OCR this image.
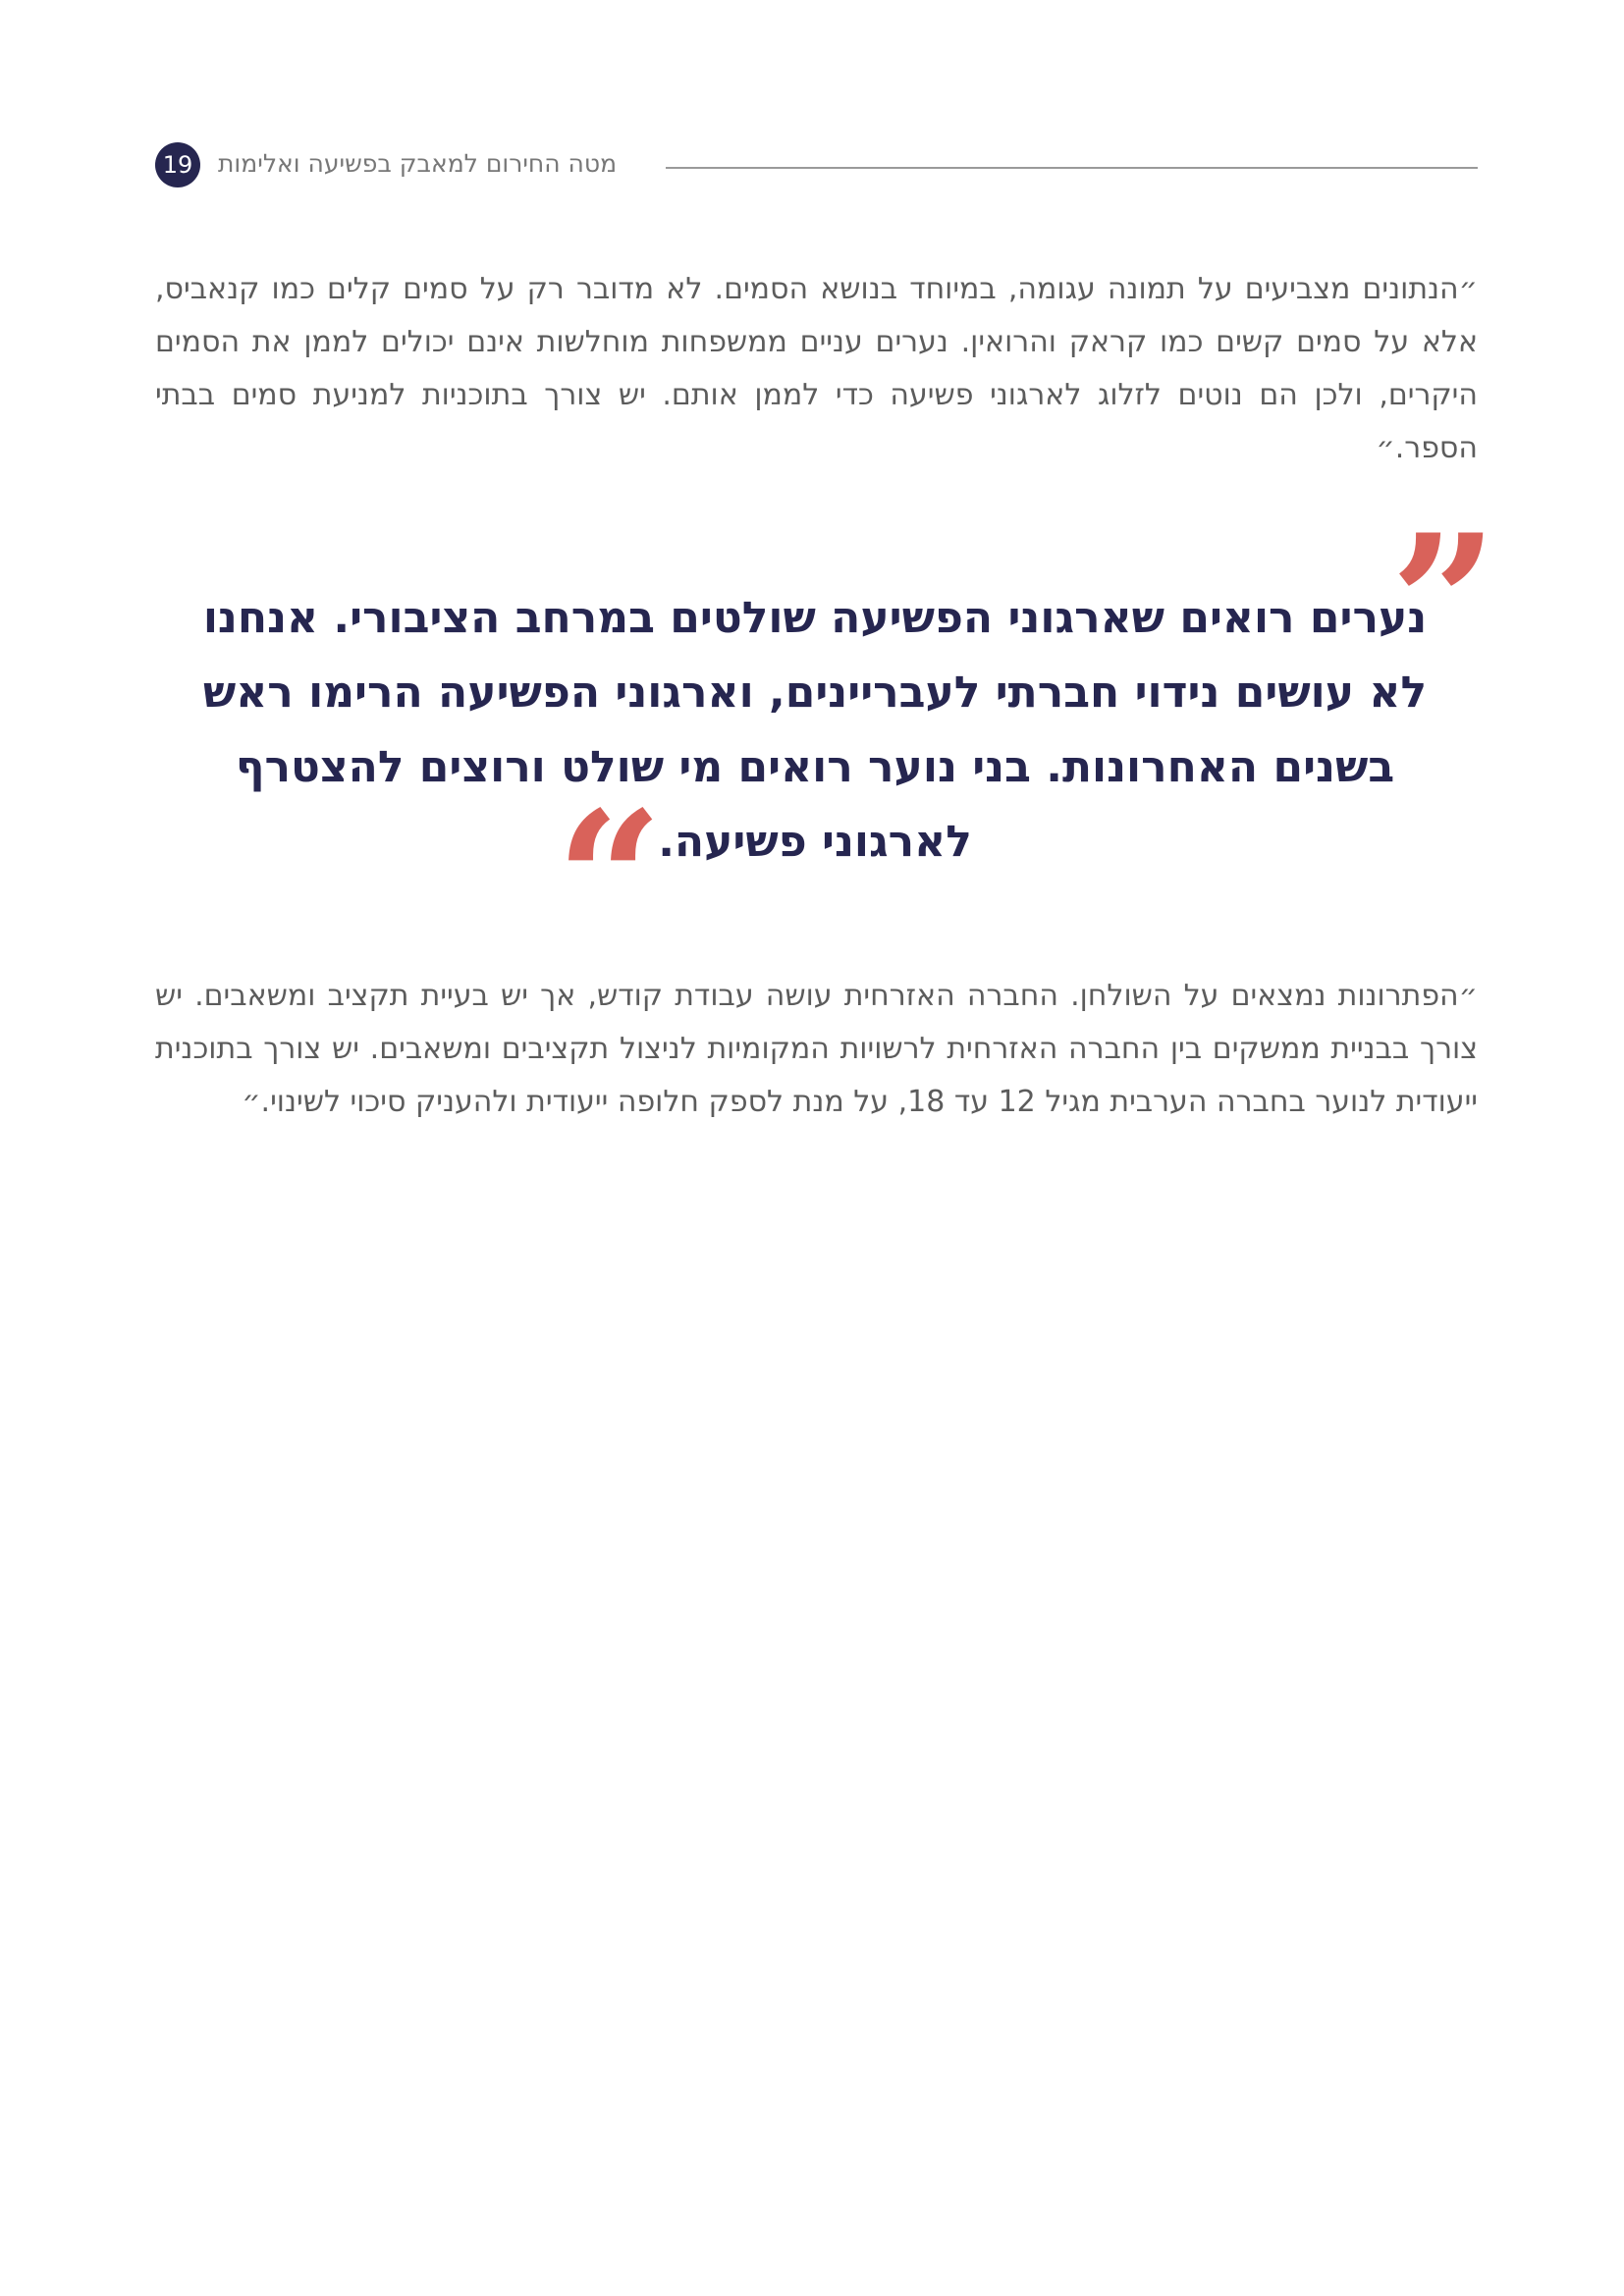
מטה החירום למאבק בפשיעה ואלימות
19

״הנתונים מצביעים על תמונה עגומה, במיוחד בנושא הסמים. לא מדובר רק על סמים קלים כמו קנאביס, אלא על סמים קשים כמו קראק והרואין. נערים עניים ממשפחות מוחלשות אינם יכולים לממן את הסמים היקרים, ולכן הם נוטים לזלוג לארגוני פשיעה כדי לממן אותם. יש צורך בתוכניות למניעת סמים בבתי הספר.״

”

נערים רואים שארגוני הפשיעה שולטים במרחב הציבורי. אנחנו לא עושים נידוי חברתי לעבריינים, וארגוני הפשיעה הרימו ראש בשנים האחרונות. בני נוער רואים מי שולט ורוצים להצטרף לארגוני פשיעה.

“

״הפתרונות נמצאים על השולחן. החברה האזרחית עושה עבודת קודש, אך יש בעיית תקציב ומשאבים. יש צורך בבניית ממשקים בין החברה האזרחית לרשויות המקומיות לניצול תקציבים ומשאבים. יש צורך בתוכנית ייעודית לנוער בחברה הערבית מגיל 12 עד 18, על מנת לספק חלופה ייעודית ולהעניק סיכוי לשינוי.״
